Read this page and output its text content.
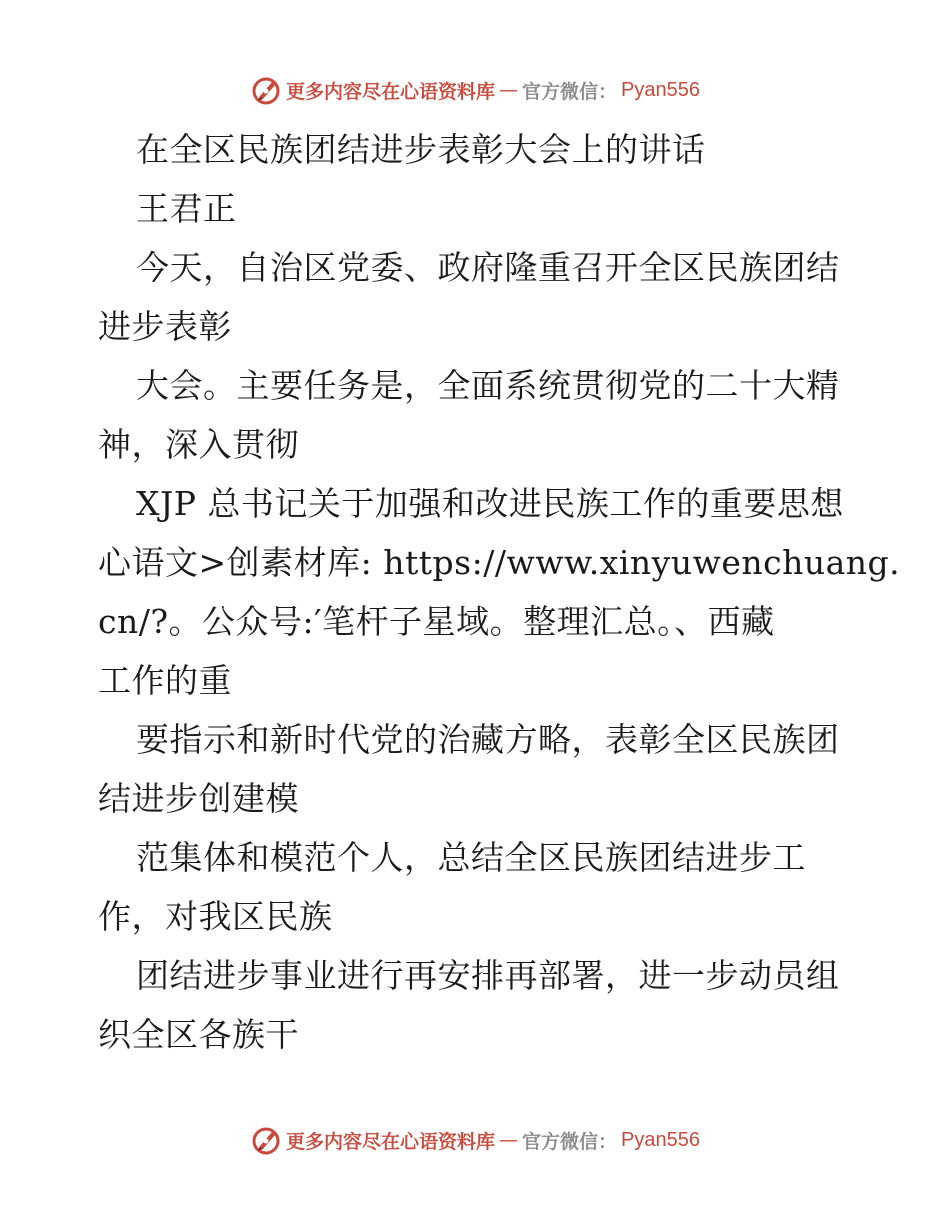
更多内容尽在心语资料库 — 官方微信： Pyan556
在全区民族团结进步表彰大会上的讲话
王君正
今天，自治区党委、政府隆重召开全区民族团结
进步表彰
大会。主要任务是，全面系统贯彻党的二十大精
神，深入贯彻
XJP 总书记关于加强和改进民族工作的重要思想
心语文>创素材库: https://www.xinyuwenchuang.
cn/?。公众号:′笔杆子星域。整理汇总。、西藏
工作的重
要指示和新时代党的治藏方略，表彰全区民族团
结进步创建模
范集体和模范个人，总结全区民族团结进步工
作，对我区民族
团结进步事业进行再安排再部署，进一步动员组
织全区各族干
更多内容尽在心语资料库 — 官方微信： Pyan556
